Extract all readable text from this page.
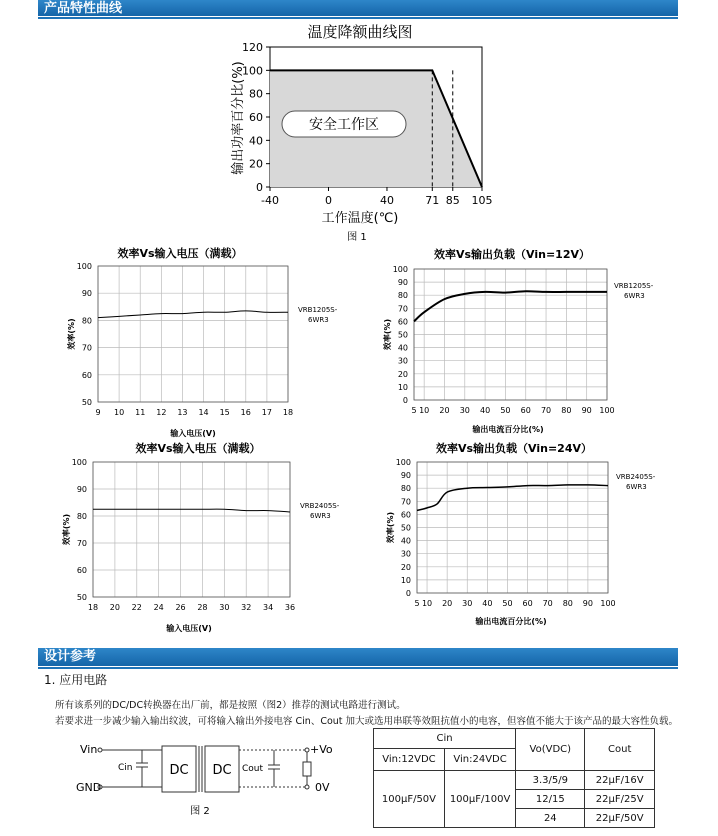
产品特性曲线
温度降额曲线图
0
20
40
60
80
100
120
-40	0	40	71 85 105
安全工作区
输出功率百分比(%)
工作温度(℃)
图 1
效率Vs输入电压（满载）
50
60
70
80
90
100
9 10 11 12 13 14 15 16 17 18
VRB1205S-
6WR3
输入电压(V)
效率(%)
效率Vs输出负载（Vin=12V）
0
10
20
30
40
50
60
70
80
90
100
5 10 20 30 40 50 60 70 80 90 100
VRB1205S-
6WR3
输出电流百分比(%)
效率(%)
效率Vs输入电压（满载）
50
60
70
80
90
100
18 20 22 24 26 28 30 32 34 36
VRB2405S-
6WR3
输入电压(V)
效率(%)
效率Vs输出负载（Vin=24V）
0
10
20
30
40
50
60
70
80
90
100
5 10 20 30 40 50 60 70 80 90 100
VRB2405S-
6WR3
输出电流百分比(%)
效率(%)
设计参考
1. 应用电路
所有该系列的DC/DC转换器在出厂前，都是按照（图2）推荐的测试电路进行测试。
若要求进一步减少输入输出纹波，可将输入输出外接电容 Cin、Cout 加大或选用串联等效阻抗值小的电容，但容值不能大于该产品的最大容性负载。
Vin
GND
Cin	DC DC Cout
+Vo
0V
图 2
Cin		Vo(VDC)	Cout
Vin:12VDC	Vin:24VDC		
100μF/50V	100μF/100V	3.3/5/9	22μF/16V
		12/15	22μF/25V
		24	22μF/50V
